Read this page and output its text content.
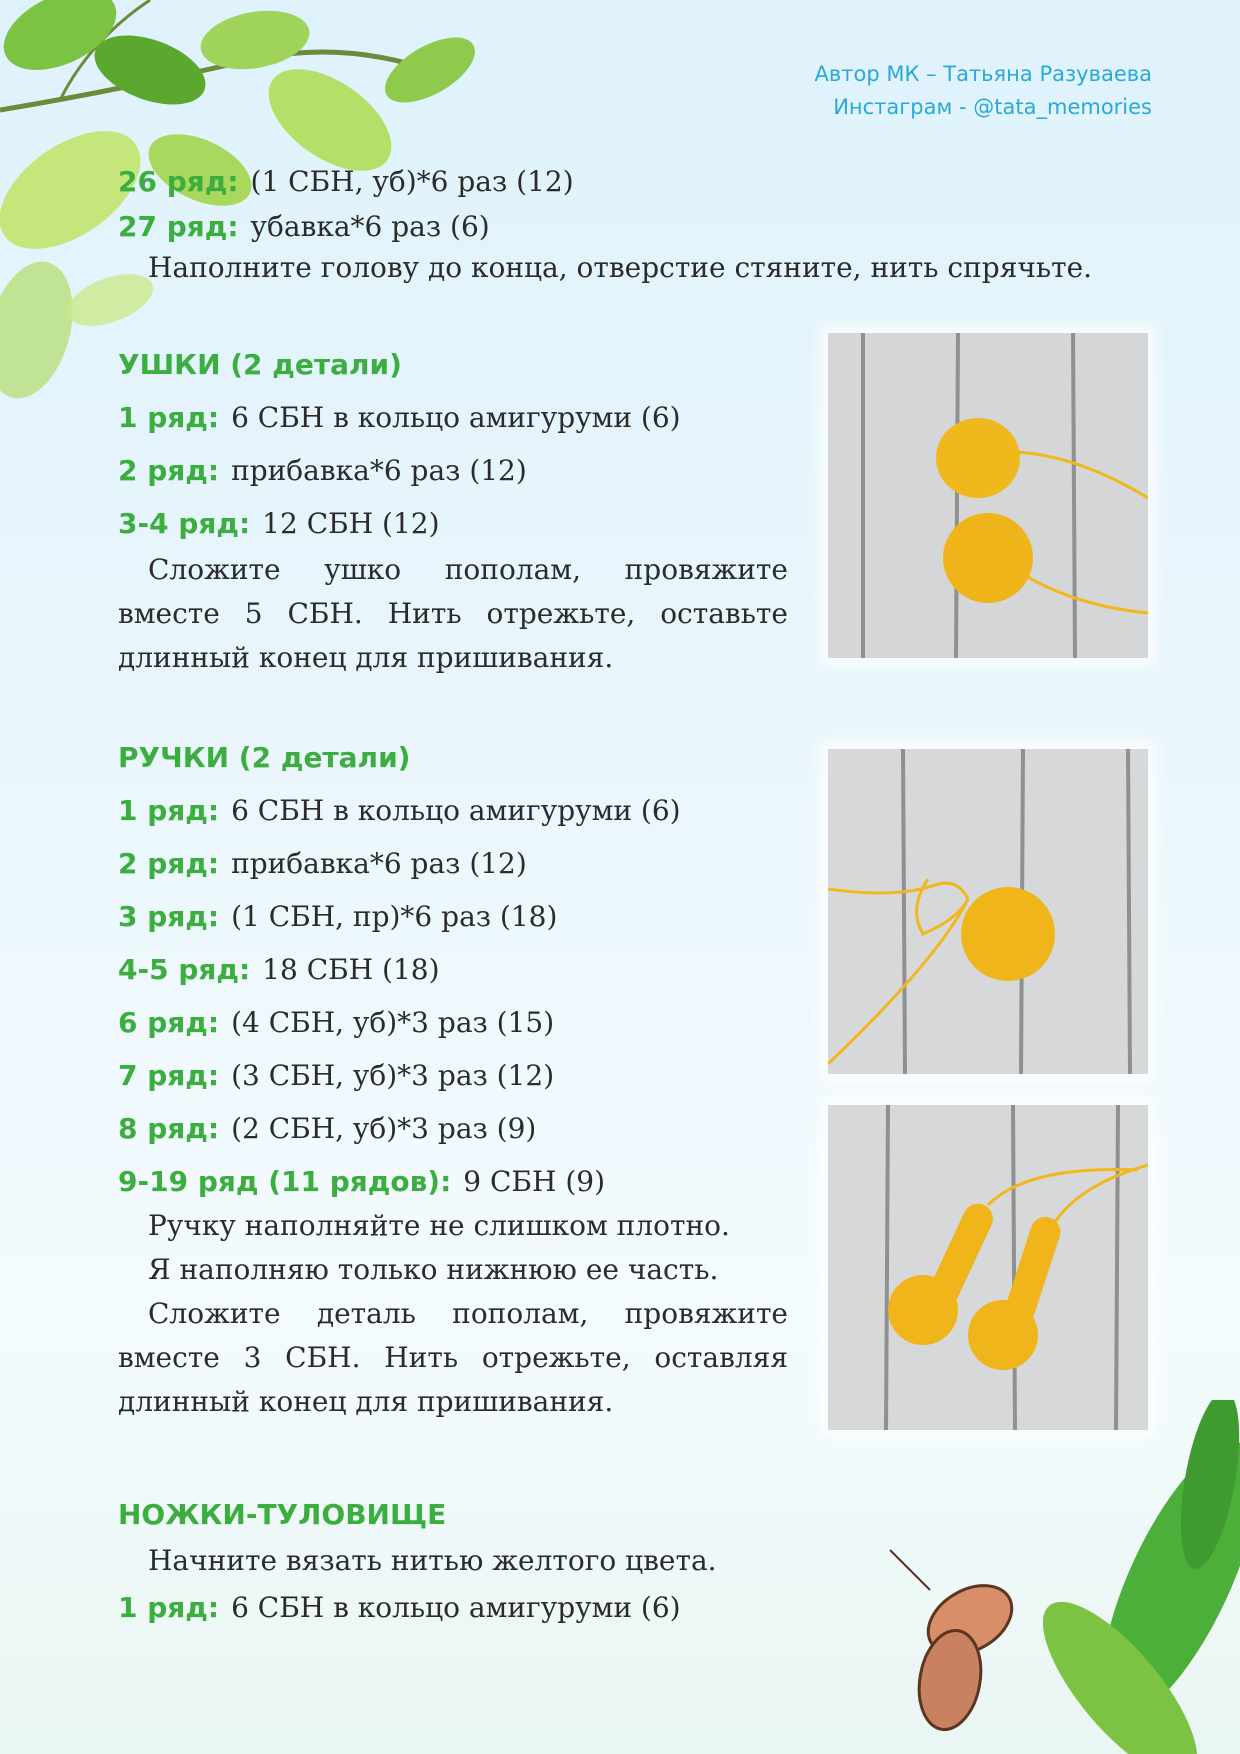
Автор МК – Татьяна Разуваева
Инстаграм - @tata_memories
26 ряд: (1 СБН, уб)*6 раз (12)
27 ряд: убавка*6 раз (6)
Наполните голову до конца, отверстие стяните, нить спрячьте.
УШКИ (2 детали)
1 ряд: 6 СБН в кольцо амигуруми (6)
2 ряд: прибавка*6 раз (12)
3-4 ряд: 12 СБН (12)
Сложите ушко пополам, провяжите вместе 5 СБН. Нить отрежьте, оставьте длинный конец для пришивания.
РУЧКИ (2 детали)
1 ряд: 6 СБН в кольцо амигуруми (6)
2 ряд: прибавка*6 раз (12)
3 ряд: (1 СБН, пр)*6 раз (18)
4-5 ряд: 18 СБН (18)
6 ряд: (4 СБН, уб)*3 раз (15)
7 ряд: (3 СБН, уб)*3 раз (12)
8 ряд: (2 СБН, уб)*3 раз (9)
9-19 ряд (11 рядов): 9 СБН (9)
Ручку наполняйте не слишком плотно.
Я наполняю только нижнюю ее часть.
Сложите деталь пополам, провяжите вместе 3 СБН. Нить отрежьте, оставляя длинный конец для пришивания.
НОЖКИ-ТУЛОВИЩЕ
Начните вязать нитью желтого цвета.
1 ряд: 6 СБН в кольцо амигуруми (6)
